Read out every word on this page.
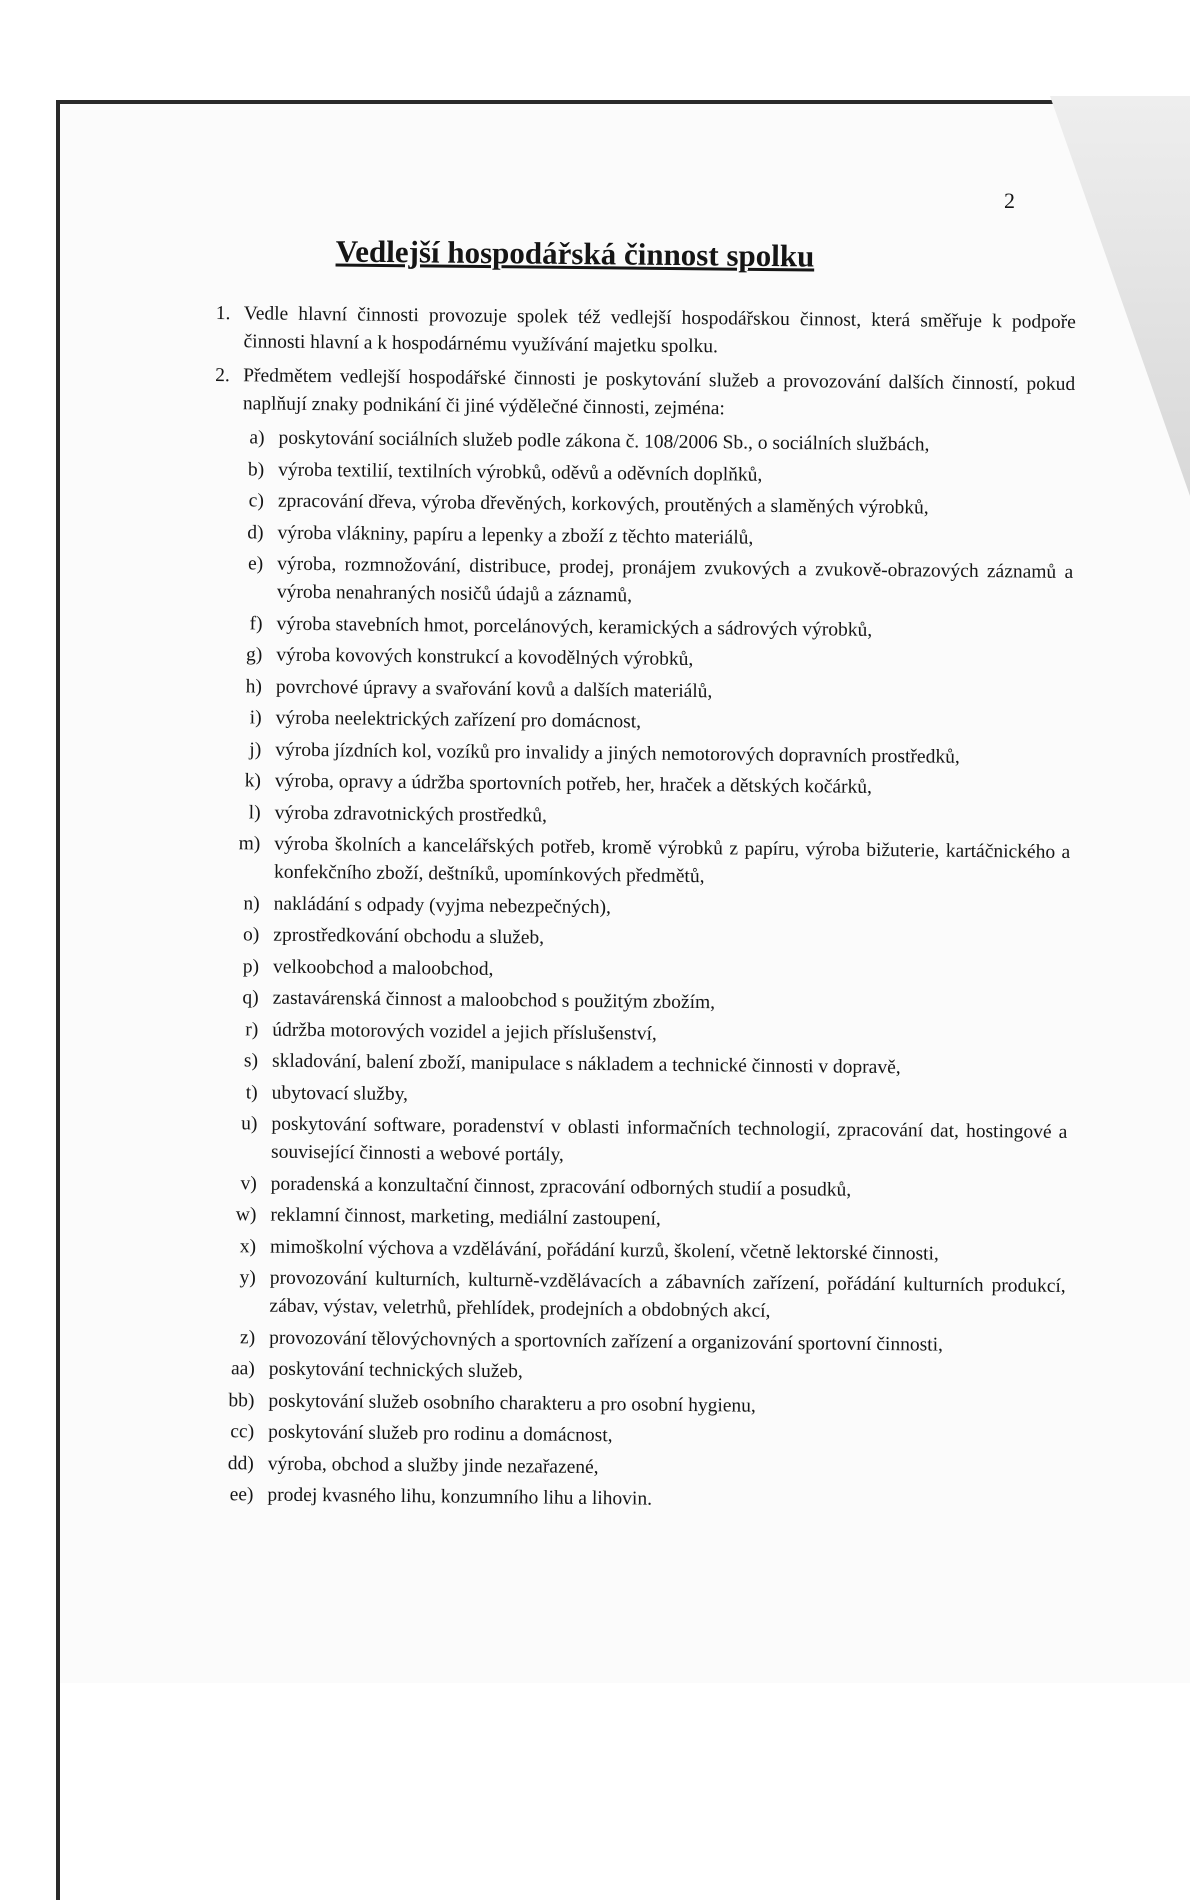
2
Vedlejší hospodářská činnost spolku
1. Vedle hlavní činnosti provozuje spolek též vedlejší hospodářskou činnost, která směřuje k podpoře činnosti hlavní a k hospodárnému využívání majetku spolku.
2. Předmětem vedlejší hospodářské činnosti je poskytování služeb a provozování dalších činností, pokud naplňují znaky podnikání či jiné výdělečné činnosti, zejména:
a) poskytování sociálních služeb podle zákona č. 108/2006 Sb., o sociálních službách,
b) výroba textilií, textilních výrobků, oděvů a oděvních doplňků,
c) zpracování dřeva, výroba dřevěných, korkových, proutěných a slaměných výrobků,
d) výroba vlákniny, papíru a lepenky a zboží z těchto materiálů,
e) výroba, rozmnožování, distribuce, prodej, pronájem zvukových a zvukově-obrazových záznamů a výroba nenahraných nosičů údajů a záznamů,
f) výroba stavebních hmot, porcelánových, keramických a sádrových výrobků,
g) výroba kovových konstrukcí a kovodělných výrobků,
h) povrchové úpravy a svařování kovů a dalších materiálů,
i) výroba neelektrických zařízení pro domácnost,
j) výroba jízdních kol, vozíků pro invalidy a jiných nemotorových dopravních prostředků,
k) výroba, opravy a údržba sportovních potřeb, her, hraček a dětských kočárků,
l) výroba zdravotnických prostředků,
m) výroba školních a kancelářských potřeb, kromě výrobků z papíru, výroba bižuterie, kartáčnického a konfekčního zboží, deštníků, upomínkových předmětů,
n) nakládání s odpady (vyjma nebezpečných),
o) zprostředkování obchodu a služeb,
p) velkoobchod a maloobchod,
q) zastavárenská činnost a maloobchod s použitým zbožím,
r) údržba motorových vozidel a jejich příslušenství,
s) skladování, balení zboží, manipulace s nákladem a technické činnosti v dopravě,
t) ubytovací služby,
u) poskytování software, poradenství v oblasti informačních technologií, zpracování dat, hostingové a související činnosti a webové portály,
v) poradenská a konzultační činnost, zpracování odborných studií a posudků,
w) reklamní činnost, marketing, mediální zastoupení,
x) mimoškolní výchova a vzdělávání, pořádání kurzů, školení, včetně lektorské činnosti,
y) provozování kulturních, kulturně-vzdělávacích a zábavních zařízení, pořádání kulturních produkcí, zábav, výstav, veletrhů, přehlídek, prodejních a obdobných akcí,
z) provozování tělovýchovných a sportovních zařízení a organizování sportovní činnosti,
aa) poskytování technických služeb,
bb) poskytování služeb osobního charakteru a pro osobní hygienu,
cc) poskytování služeb pro rodinu a domácnost,
dd) výroba, obchod a služby jinde nezařazené,
ee) prodej kvasného lihu, konzumního lihu a lihovin.
